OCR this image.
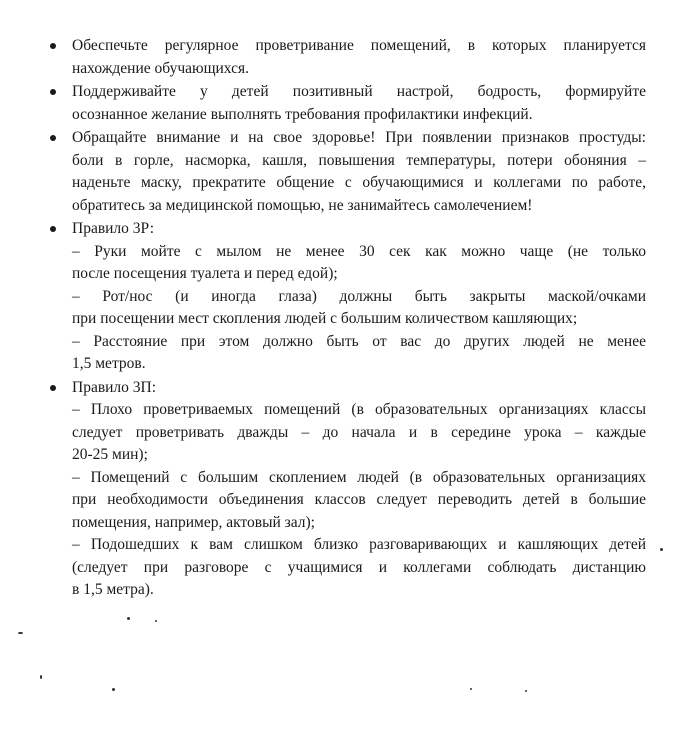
Обеспечьте регулярное проветривание помещений, в которых планируется
нахождение обучающихся.
Поддерживайте у детей позитивный настрой, бодрость, формируйте
осознанное желание выполнять требования профилактики инфекций.
Обращайте внимание и на свое здоровье! При появлении признаков простуды:
боли в горле, насморка, кашля, повышения температуры, потери обоняния –
наденьте маску, прекратите общение с обучающимися и коллегами по работе,
обратитесь за медицинской помощью, не занимайтесь самолечением!
Правило 3Р:
– Руки мойте с мылом не менее 30 сек как можно чаще (не только
после посещения туалета и перед едой);
– Рот/нос (и иногда глаза) должны быть закрыты маской/очками
при посещении мест скопления людей с большим количеством кашляющих;
– Расстояние при этом должно быть от вас до других людей не менее
1,5 метров.
Правило 3П:
– Плохо проветриваемых помещений (в образовательных организациях классы
следует проветривать дважды – до начала и в середине урока – каждые
20-25 мин);
– Помещений с большим скоплением людей (в образовательных организациях
при необходимости объединения классов следует переводить детей в большие
помещения, например, актовый зал);
– Подошедших к вам слишком близко разговаривающих и кашляющих детей
(следует при разговоре с учащимися и коллегами соблюдать дистанцию
в 1,5 метра).
